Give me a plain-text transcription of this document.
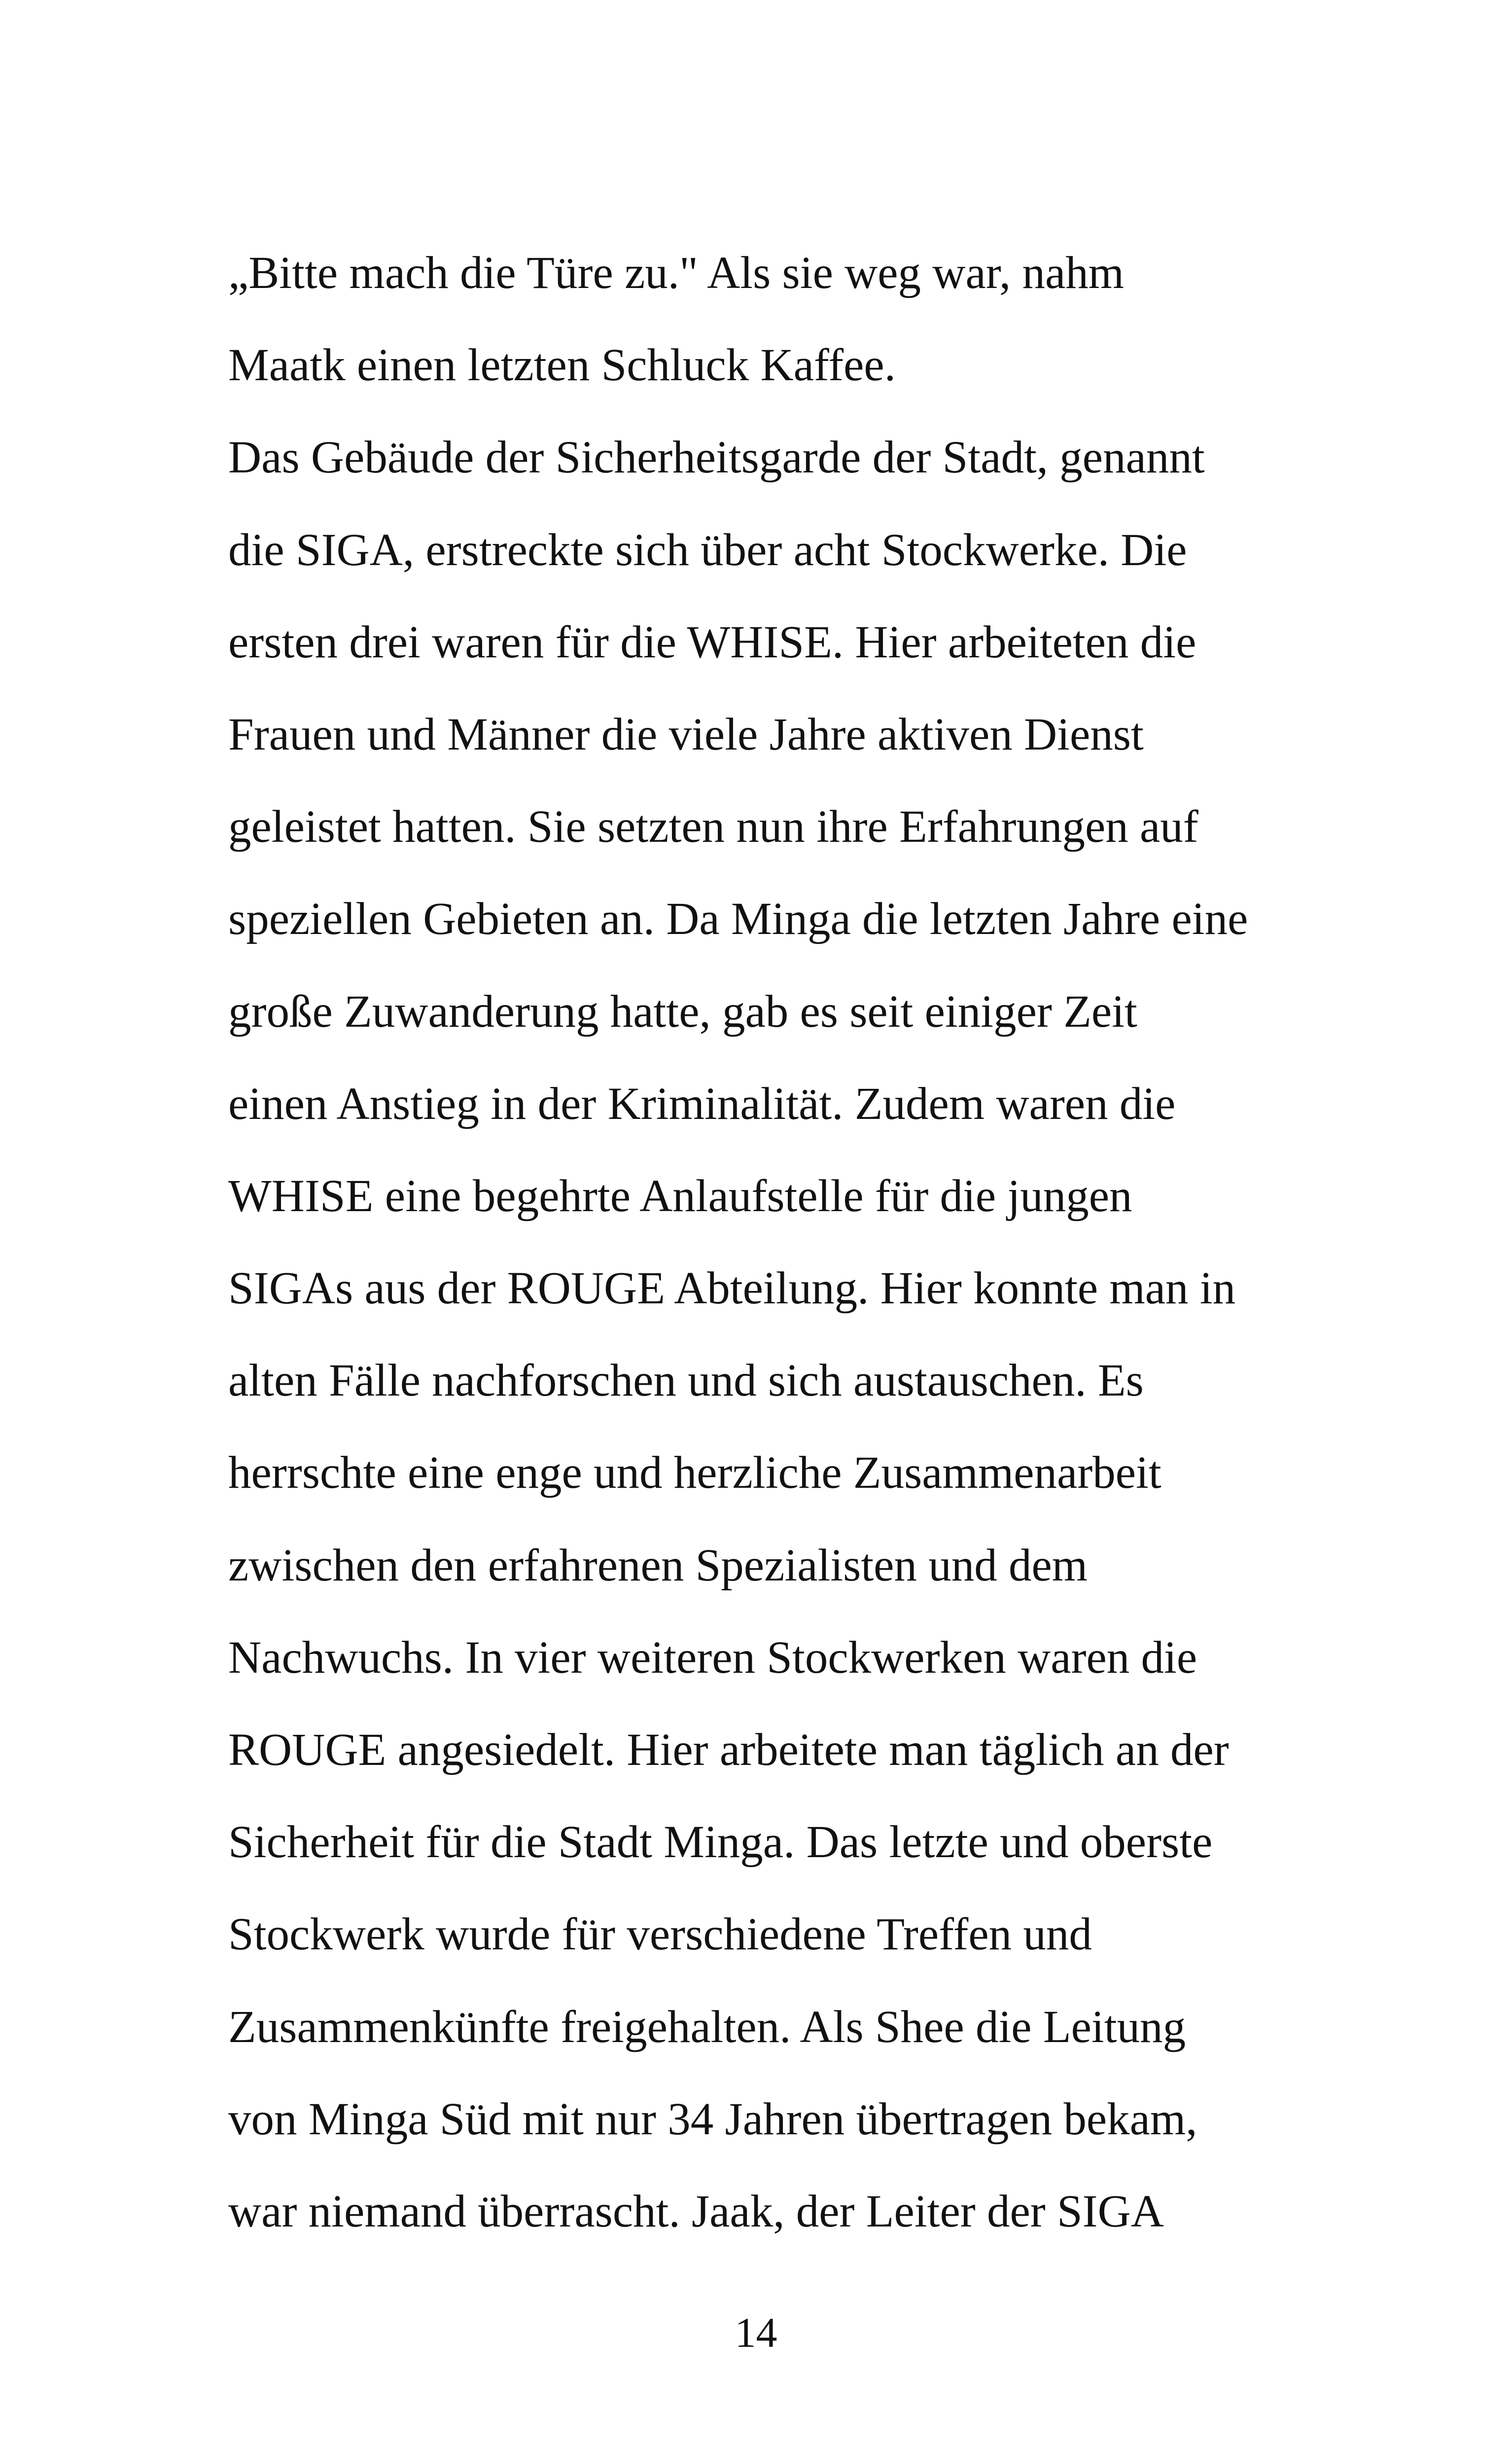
„Bitte mach die Türe zu." Als sie weg war, nahm
Maatk einen letzten Schluck Kaffee.
Das Gebäude der Sicherheitsgarde der Stadt, genannt
die SIGA, erstreckte sich über acht Stockwerke. Die
ersten drei waren für die WHISE. Hier arbeiteten die
Frauen und Männer die viele Jahre aktiven Dienst
geleistet hatten. Sie setzten nun ihre Erfahrungen auf
speziellen Gebieten an. Da Minga die letzten Jahre eine
große Zuwanderung hatte, gab es seit einiger Zeit
einen Anstieg in der Kriminalität. Zudem waren die
WHISE eine begehrte Anlaufstelle für die jungen
SIGAs aus der ROUGE Abteilung. Hier konnte man in
alten Fälle nachforschen und sich austauschen. Es
herrschte eine enge und herzliche Zusammenarbeit
zwischen den erfahrenen Spezialisten und dem
Nachwuchs. In vier weiteren Stockwerken waren die
ROUGE angesiedelt. Hier arbeitete man täglich an der
Sicherheit für die Stadt Minga. Das letzte und oberste
Stockwerk wurde für verschiedene Treffen und
Zusammenkünfte freigehalten. Als Shee die Leitung
von Minga Süd mit nur 34 Jahren übertragen bekam,
war niemand überrascht. Jaak, der Leiter der SIGA
14
